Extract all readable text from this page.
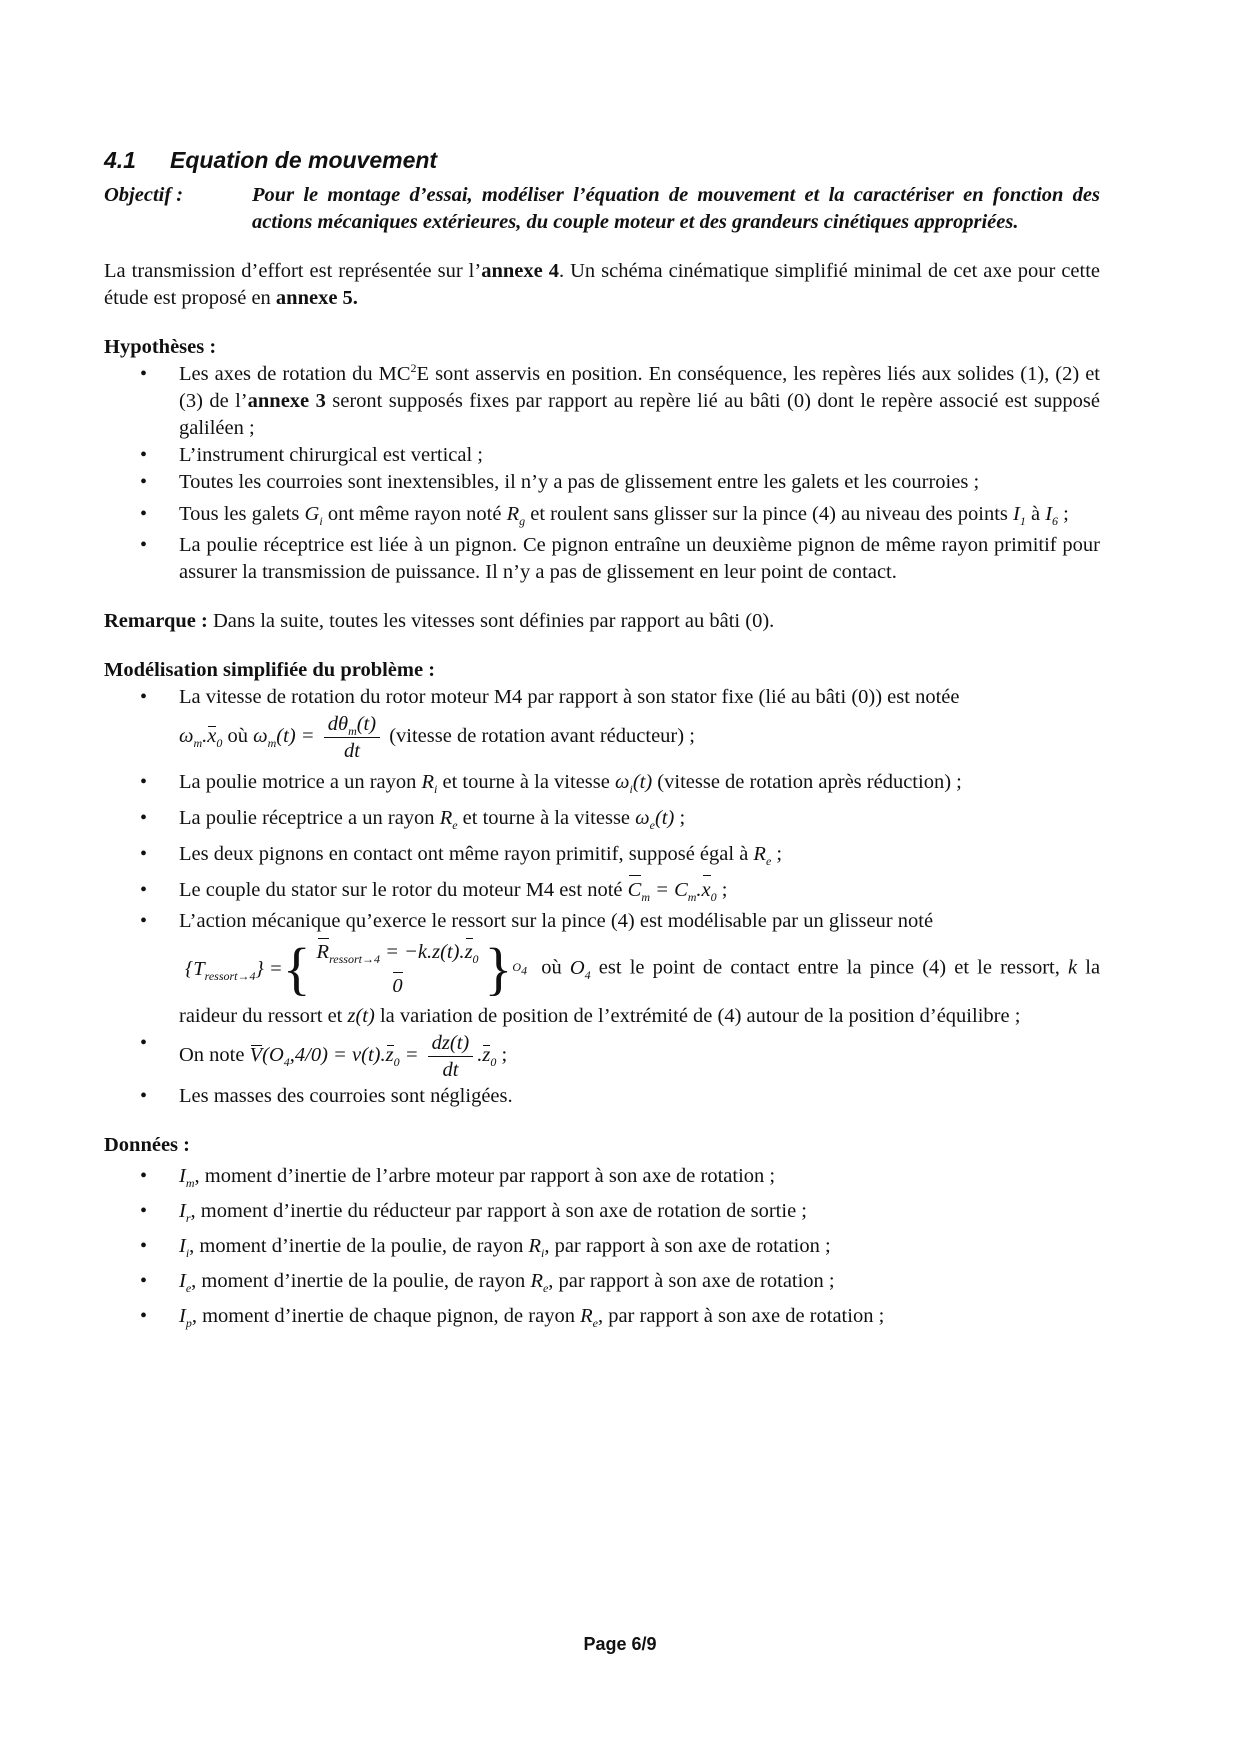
4.1 Equation de mouvement
Objectif :	Pour le montage d’essai, modéliser l’équation de mouvement et la caractériser en fonction des actions mécaniques extérieures, du couple moteur et des grandeurs cinétiques appropriées.

La transmission d’effort est représentée sur l’annexe 4. Un schéma cinématique simplifié minimal de cet axe pour cette étude est proposé en annexe 5.

Hypothèses :
• Les axes de rotation du $MC^2E$ sont asservis en position. En conséquence, les repères liés aux solides (1), (2) et (3) de l’annexe 3 seront supposés fixes par rapport au repère lié au bâti (0) dont le repère associé est supposé galiléen ;
• L’instrument chirurgical est vertical ;
• Toutes les courroies sont inextensibles, il n’y a pas de glissement entre les galets et les courroies ;
• Tous les galets $G_i$ ont même rayon noté $R_g$ et roulent sans glisser sur la pince (4) au niveau des points $I_1$ à $I_6$ ;
• La poulie réceptrice est liée à un pignon. Ce pignon entraîne un deuxième pignon de même rayon primitif pour assurer la transmission de puissance. Il n’y a pas de glissement en leur point de contact.

Remarque : Dans la suite, toutes les vitesses sont définies par rapport au bâti (0).

Modélisation simplifiée du problème :
• La vitesse de rotation du rotor moteur M4 par rapport à son stator fixe (lié au bâti (0)) est notée
$\omega_m.x_0$ où $\omega_m(t) = \frac{d\theta_m(t)}{dt}$ (vitesse de rotation avant réducteur) ;
• La poulie motrice a un rayon $R_i$ et tourne à la vitesse $\omega_i(t)$ (vitesse de rotation après réduction) ;
• La poulie réceptrice a un rayon $R_e$ et tourne à la vitesse $\omega_e(t)$ ;
• Les deux pignons en contact ont même rayon primitif, supposé égal à $R_e$ ;
• Le couple du stator sur le rotor du moteur M4 est noté $C_m = C_m.x_0$ ;
• L’action mécanique qu’exerce le ressort sur la pince (4) est modélisable par un glisseur noté

$\{T_{ressort\to 4}\}$ = { $R_{ressort\to 4} = -k.z(t).z_0$
0 } $O_4$ où $O_4$ est le point de contact entre la pince (4) et le ressort, k la raideur du ressort et z(t) la variation de position de l’extrémité de (4) autour de la position d’équilibre ;
• On note $V(O_4,4/0) = v(t).z_0 = \frac{dz(t)}{dt} .z_0$ ;
• Les masses des courroies sont négligées.
Données :
• $I_m$, moment d’inertie de l’arbre moteur par rapport à son axe de rotation ;
• $I_r$, moment d’inertie du réducteur par rapport à son axe de rotation de sortie ;
• $I_i$, moment d’inertie de la poulie, de rayon $R_i$, par rapport à son axe de rotation ;
• $I_e$, moment d’inertie de la poulie, de rayon $R_e$, par rapport à son axe de rotation ;
• $I_p$, moment d’inertie de chaque pignon, de rayon $R_e$, par rapport à son axe de rotation ;
Page 6/9
